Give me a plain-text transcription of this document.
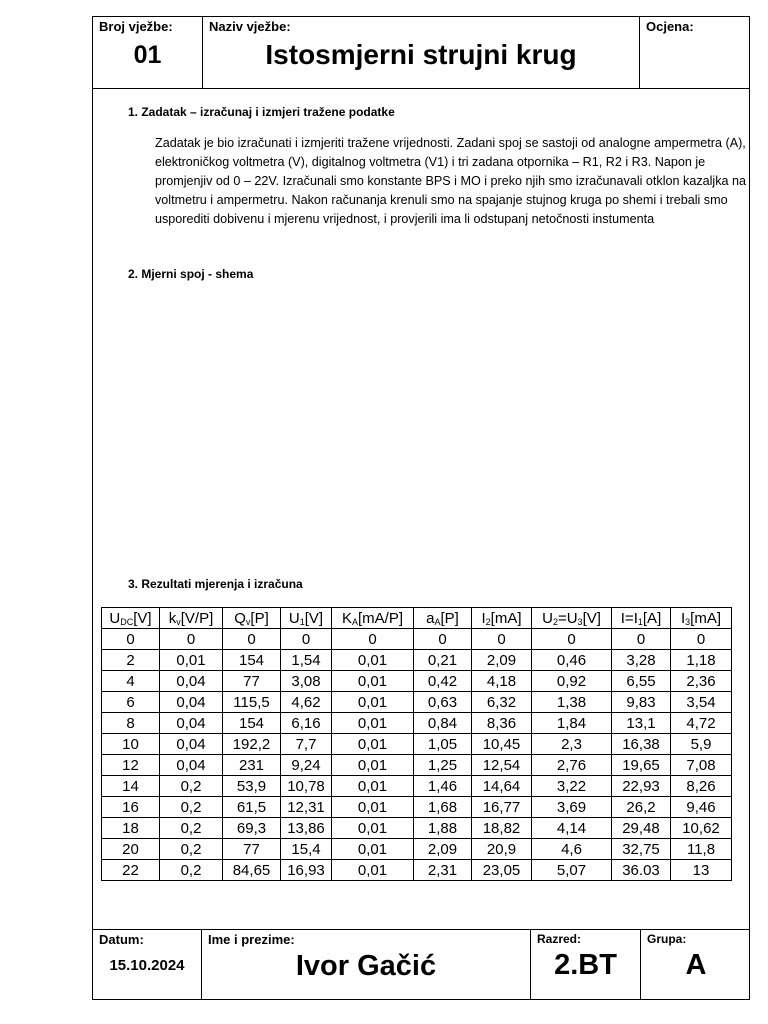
Broj vježbe:
01
Naziv vježbe:
Istosmjerni strujni krug
Ocjena:
1. Zadatak – izračunaj i izmjeri tražene podatke
Zadatak je bio izračunati i izmjeriti tražene vrijednosti. Zadani spoj se sastoji od analogne ampermetra (A), elektroničkog voltmetra (V), digitalnog voltmetra (V1) i tri zadana otpornika – R1, R2 i R3. Napon je promjenjiv od 0 – 22V. Izračunali smo konstante BPS i MO i preko njih smo izračunavali otklon kazaljka na voltmetru i ampermetru. Nakon računanja krenuli smo na spajanje stujnog kruga po shemi i trebali smo usporediti dobivenu i mjerenu vrijednost, i provjerili ima li odstupanj netočnosti instumenta
2. Mjerni spoj - shema
3. Rezultati mjerenja i izračuna
$U_{DC}[V]$	$k_v[V/P]$	$Q_v[P]$	$U_1[V]$	$K_A[mA/P]$	$a_A[P]$	$I_2[mA]$	$U_2=U_3[V]$	$I=I_1[A]$	$I_3[mA]$
0	0	0	0	0	0	0	0	0	0
2	0,01	154	1,54	0,01	0,21	2,09	0,46	3,28	1,18
4	0,04	77	3,08	0,01	0,42	4,18	0,92	6,55	2,36
6	0,04	115,5	4,62	0,01	0,63	6,32	1,38	9,83	3,54
8	0,04	154	6,16	0,01	0,84	8,36	1,84	13,1	4,72
10	0,04	192,2	7,7	0,01	1,05	10,45	2,3	16,38	5,9
12	0,04	231	9,24	0,01	1,25	12,54	2,76	19,65	7,08
14	0,2	53,9	10,78	0,01	1,46	14,64	3,22	22,93	8,26
16	0,2	61,5	12,31	0,01	1,68	16,77	3,69	26,2	9,46
18	0,2	69,3	13,86	0,01	1,88	18,82	4,14	29,48	10,62
20	0,2	77	15,4	0,01	2,09	20,9	4,6	32,75	11,8
22	0,2	84,65	16,93	0,01	2,31	23,05	5,07	36.03	13
Datum:
15.10.2024
Ime i prezime:
Ivor Gačić
Razred:
2.BT
Grupa:
A
